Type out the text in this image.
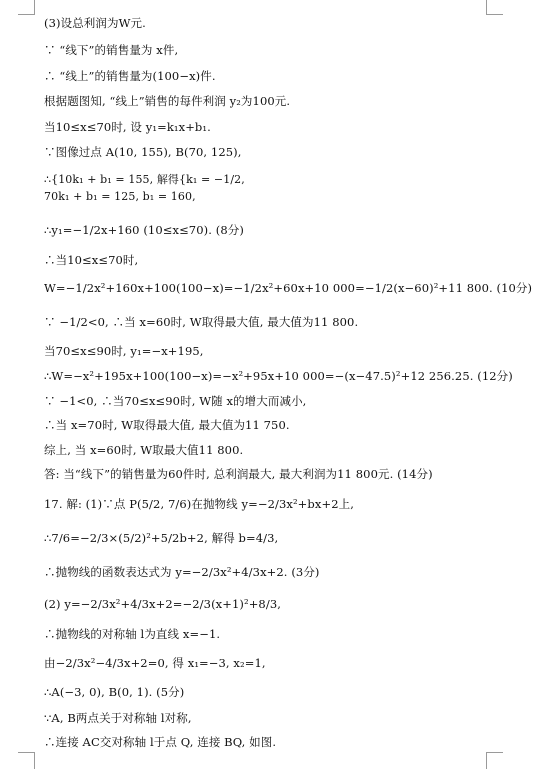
(3)设总利润为W元.
∵ “线下”的销售量为 x件,
∴ “线上”的销售量为(100−x)件.
根据题图知, “线上”销售的每件利润 y₂为100元.
当10≤x≤70时, 设 y₁=k₁x+b₁.
∵图像过点 A(10, 155), B(70, 125),
∴{10k₁ + b₁ = 155, 解得{k₁ = −1/2,
70k₁ + b₁ = 125, b₁ = 160,
∴y₁=−1/2x+160 (10≤x≤70). (8分)
∴当10≤x≤70时,
W=−1/2x²+160x+100(100−x)=−1/2x²+60x+10 000=−1/2(x−60)²+11 800. (10分)
∵ −1/2<0, ∴当 x=60时, W取得最大值, 最大值为11 800.
当70≤x≤90时, y₁=−x+195,
∴W=−x²+195x+100(100−x)=−x²+95x+10 000=−(x−47.5)²+12 256.25. (12分)
∵ −1<0, ∴当70≤x≤90时, W随 x的增大而减小,
∴当 x=70时, W取得最大值, 最大值为11 750.
综上, 当 x=60时, W取最大值11 800.
答: 当“线下”的销售量为60件时, 总利润最大, 最大利润为11 800元. (14分)
17. 解: (1)∵点 P(5/2, 7/6)在抛物线 y=−2/3x²+bx+2上,
∴7/6=−2/3×(5/2)²+5/2b+2, 解得 b=4/3,
∴抛物线的函数表达式为 y=−2/3x²+4/3x+2. (3分)
(2) y=−2/3x²+4/3x+2=−2/3(x+1)²+8/3,
∴抛物线的对称轴 l为直线 x=−1.
由−2/3x²−4/3x+2=0, 得 x₁=−3, x₂=1,
∴A(−3, 0), B(0, 1). (5分)
∵A, B两点关于对称轴 l对称,
∴连接 AC交对称轴 l于点 Q, 连接 BQ, 如图.
